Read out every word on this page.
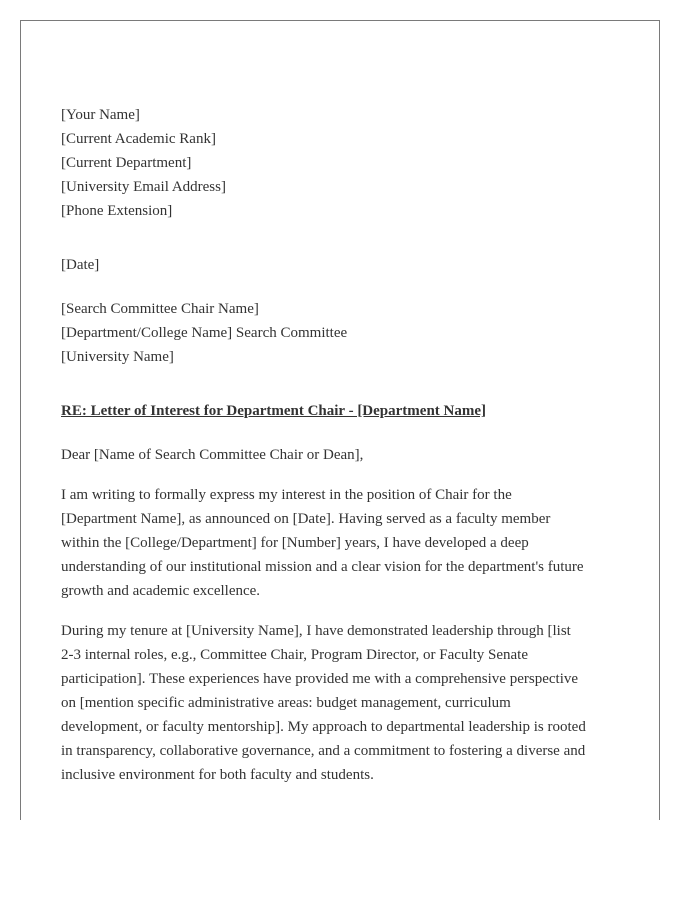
[Your Name]
[Current Academic Rank]
[Current Department]
[University Email Address]
[Phone Extension]
[Date]
[Search Committee Chair Name]
[Department/College Name] Search Committee
[University Name]
RE: Letter of Interest for Department Chair - [Department Name]
Dear [Name of Search Committee Chair or Dean],
I am writing to formally express my interest in the position of Chair for the
[Department Name], as announced on [Date]. Having served as a faculty member
within the [College/Department] for [Number] years, I have developed a deep
understanding of our institutional mission and a clear vision for the department's future
growth and academic excellence.
During my tenure at [University Name], I have demonstrated leadership through [list
2-3 internal roles, e.g., Committee Chair, Program Director, or Faculty Senate
participation]. These experiences have provided me with a comprehensive perspective
on [mention specific administrative areas: budget management, curriculum
development, or faculty mentorship]. My approach to departmental leadership is rooted
in transparency, collaborative governance, and a commitment to fostering a diverse and
inclusive environment for both faculty and students.
